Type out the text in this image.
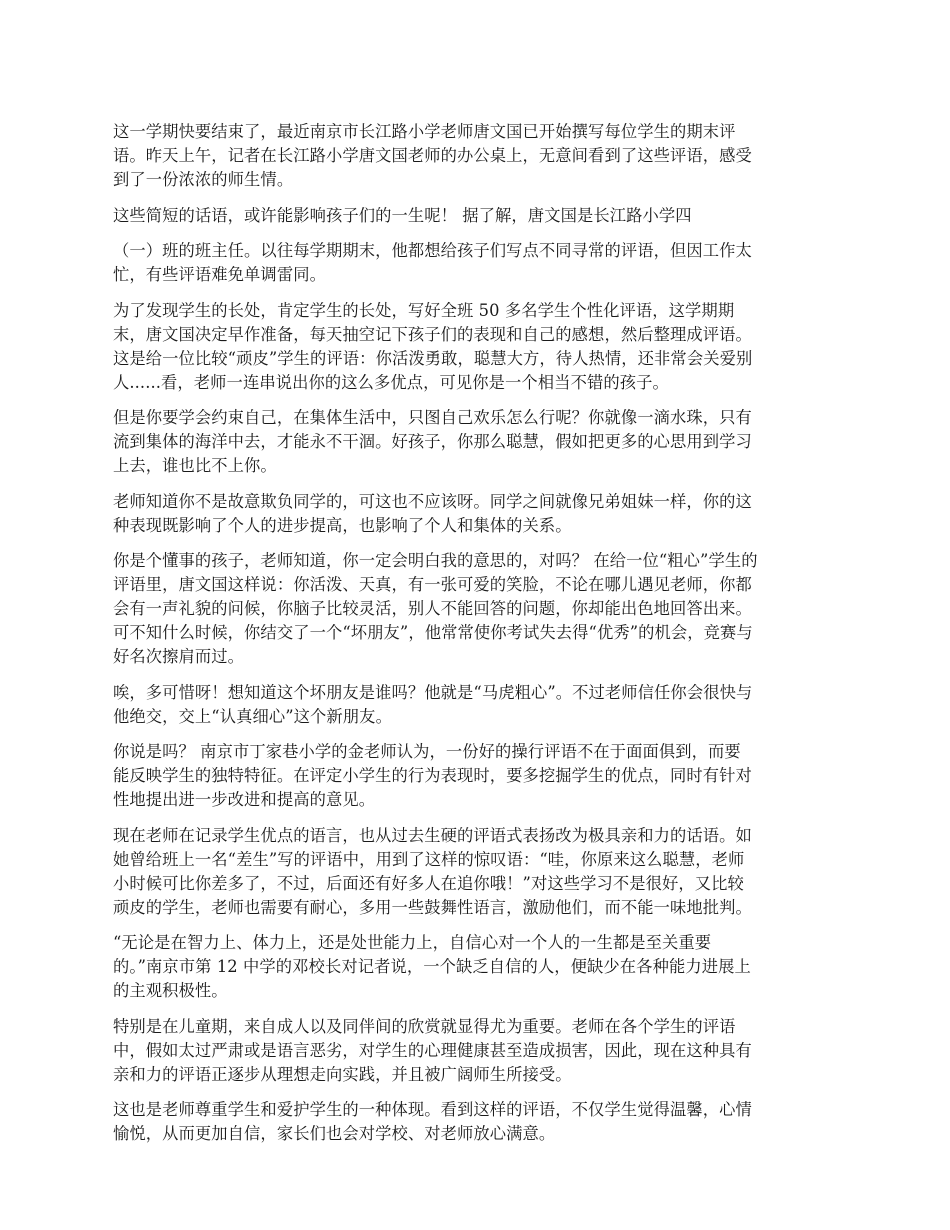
这一学期快要结束了，最近南京市长江路小学老师唐文国已开始撰写每位学生的期末评
语。昨天上午，记者在长江路小学唐文国老师的办公桌上，无意间看到了这些评语，感受
到了一份浓浓的师生情。

这些简短的话语，或许能影响孩子们的一生呢！ 据了解，唐文国是长江路小学四

（一）班的班主任。以往每学期期末，他都想给孩子们写点不同寻常的评语，但因工作太
忙，有些评语难免单调雷同。

为了发现学生的长处，肯定学生的长处，写好全班 50 多名学生个性化评语，这学期期
末，唐文国决定早作准备，每天抽空记下孩子们的表现和自己的感想，然后整理成评语。
这是给一位比较“顽皮”学生的评语：你活泼勇敢，聪慧大方，待人热情，还非常会关爱别
人......看，老师一连串说出你的这么多优点，可见你是一个相当不错的孩子。

但是你要学会约束自己，在集体生活中，只图自己欢乐怎么行呢？你就像一滴水珠，只有
流到集体的海洋中去，才能永不干涸。好孩子，你那么聪慧，假如把更多的心思用到学习
上去，谁也比不上你。

老师知道你不是故意欺负同学的，可这也不应该呀。同学之间就像兄弟姐妹一样，你的这
种表现既影响了个人的进步提高，也影响了个人和集体的关系。

你是个懂事的孩子，老师知道，你一定会明白我的意思的，对吗？ 在给一位“粗心”学生的
评语里，唐文国这样说：你活泼、天真，有一张可爱的笑脸，不论在哪儿遇见老师，你都
会有一声礼貌的问候，你脑子比较灵活，别人不能回答的问题，你却能出色地回答出来。
可不知什么时候，你结交了一个“坏朋友”，他常常使你考试失去得“优秀”的机会，竞赛与
好名次擦肩而过。

唉，多可惜呀！想知道这个坏朋友是谁吗？他就是“马虎粗心”。不过老师信任你会很快与
他绝交，交上“认真细心”这个新朋友。

你说是吗？ 南京市丁家巷小学的金老师认为，一份好的操行评语不在于面面俱到，而要
能反映学生的独特特征。在评定小学生的行为表现时，要多挖掘学生的优点，同时有针对
性地提出进一步改进和提高的意见。

现在老师在记录学生优点的语言，也从过去生硬的评语式表扬改为极具亲和力的话语。如
她曾给班上一名“差生”写的评语中，用到了这样的惊叹语：“哇，你原来这么聪慧，老师
小时候可比你差多了，不过，后面还有好多人在追你哦！”对这些学习不是很好，又比较
顽皮的学生，老师也需要有耐心，多用一些鼓舞性语言，激励他们，而不能一味地批判。

“无论是在智力上、体力上，还是处世能力上，自信心对一个人的一生都是至关重要
的。”南京市第 12 中学的邓校长对记者说，一个缺乏自信的人，便缺少在各种能力进展上
的主观积极性。

特别是在儿童期，来自成人以及同伴间的欣赏就显得尤为重要。老师在各个学生的评语
中，假如太过严肃或是语言恶劣，对学生的心理健康甚至造成损害，因此，现在这种具有
亲和力的评语正逐步从理想走向实践，并且被广阔师生所接受。

这也是老师尊重学生和爱护学生的一种体现。看到这样的评语，不仅学生觉得温馨，心情
愉悦，从而更加自信，家长们也会对学校、对老师放心满意。
